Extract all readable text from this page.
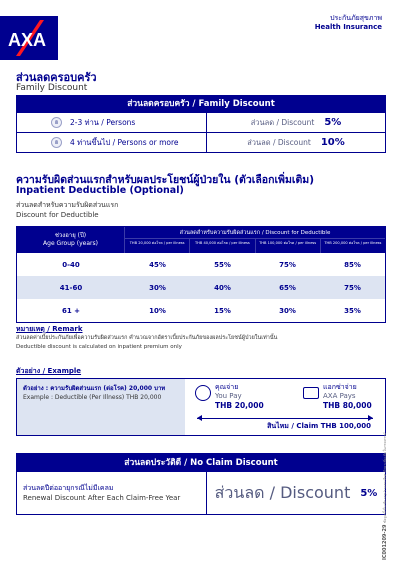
AXA
ประกันภัยสุขภาพ
Health Insurance
ส่วนลดครอบครัว
Family Discount
ส่วนลดครอบครัว / Family Discount
2-3 ท่าน / Persons	ส่วนลด / Discount 5%
4 ท่านขึ้นไป / Persons or more	ส่วนลด / Discount 10%
ความรับผิดส่วนแรกสำหรับผลประโยชน์ผู้ป่วยใน (ตัวเลือกเพิ่มเติม)
Inpatient Deductible (Optional)
ส่วนลดสำหรับความรับผิดส่วนแรก
Discount for Deductible
ช่วงอายุ (ปี)
Age Group (years)
ส่วนลดสำหรับความรับผิดส่วนแรก / Discount for Deductible
THB 20,000 ต่อโรค / per illness	THB 40,000 ต่อโรค / per illness	THB 100,000 ต่อโรค / per illness	THB 200,000 ต่อโรค / per illness
0-40	45%	55%	75%	85%
41-60	30%	40%	65%	75%
61 +	10%	15%	30%	35%
หมายเหตุ / Remark
ส่วนลดค่าเบี้ยประกันภัยเพื่อความรับผิดส่วนแรก คำนวณจากอัตราเบี้ยประกันภัยของผลประโยชน์ผู้ป่วยในเท่านั้น
Deductible discount is calculated on inpatient premium only
ตัวอย่าง / Example
ตัวอย่าง : ความรับผิดส่วนแรก (ต่อโรค) 20,000 บาท
Example : Deductible (Per Illness) THB 20,000
คุณจ่าย
You Pay
THB 20,000
แอกซ่าจ่าย
AXA Pays
THB 80,000
สินไหม / Claim THB 100,000
ส่วนลดประวัติดี / No Claim Discount
ส่วนลดปีต่ออายุกรณีไม่มีเคลม
Renewal Discount After Each Claim-Free Year	ส่วนลด / Discount 5%
IC001209-29 ข้อมูลนี้เป็นเพียงสรุปรายละเอียด ศึกษาเพิ่มเติมในกรมธรรม์
